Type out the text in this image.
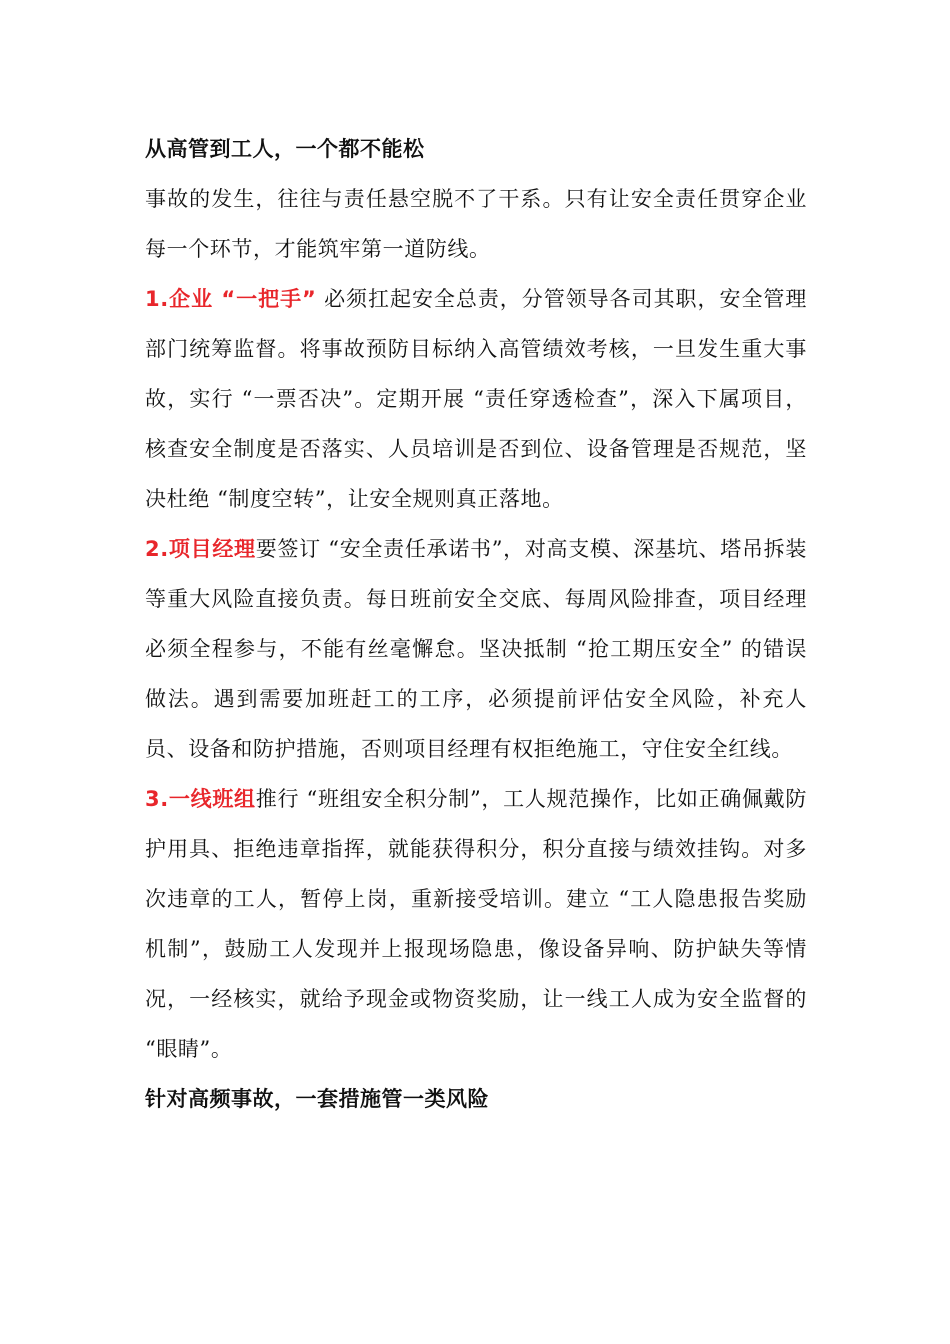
从高管到工人，一个都不能松

事故的发生，往往与责任悬空脱不了干系。只有让安全责任贯穿企业每一个环节，才能筑牢第一道防线。

1.企业 “一把手” 必须扛起安全总责，分管领导各司其职，安全管理部门统筹监督。将事故预防目标纳入高管绩效考核，一旦发生重大事故，实行 “一票否决”。定期开展 “责任穿透检查”，深入下属项目，核查安全制度是否落实、人员培训是否到位、设备管理是否规范，坚决杜绝 “制度空转”，让安全规则真正落地。

2.项目经理要签订 “安全责任承诺书”，对高支模、深基坑、塔吊拆装等重大风险直接负责。每日班前安全交底、每周风险排查，项目经理必须全程参与，不能有丝毫懈怠。坚决抵制 “抢工期压安全” 的错误做法。遇到需要加班赶工的工序，必须提前评估安全风险，补充人员、设备和防护措施，否则项目经理有权拒绝施工，守住安全红线。

3.一线班组推行 “班组安全积分制”，工人规范操作，比如正确佩戴防护用具、拒绝违章指挥，就能获得积分，积分直接与绩效挂钩。对多次违章的工人，暂停上岗，重新接受培训。建立 “工人隐患报告奖励机制”，鼓励工人发现并上报现场隐患，像设备异响、防护缺失等情况，一经核实，就给予现金或物资奖励，让一线工人成为安全监督的 “眼睛”。

针对高频事故，一套措施管一类风险
